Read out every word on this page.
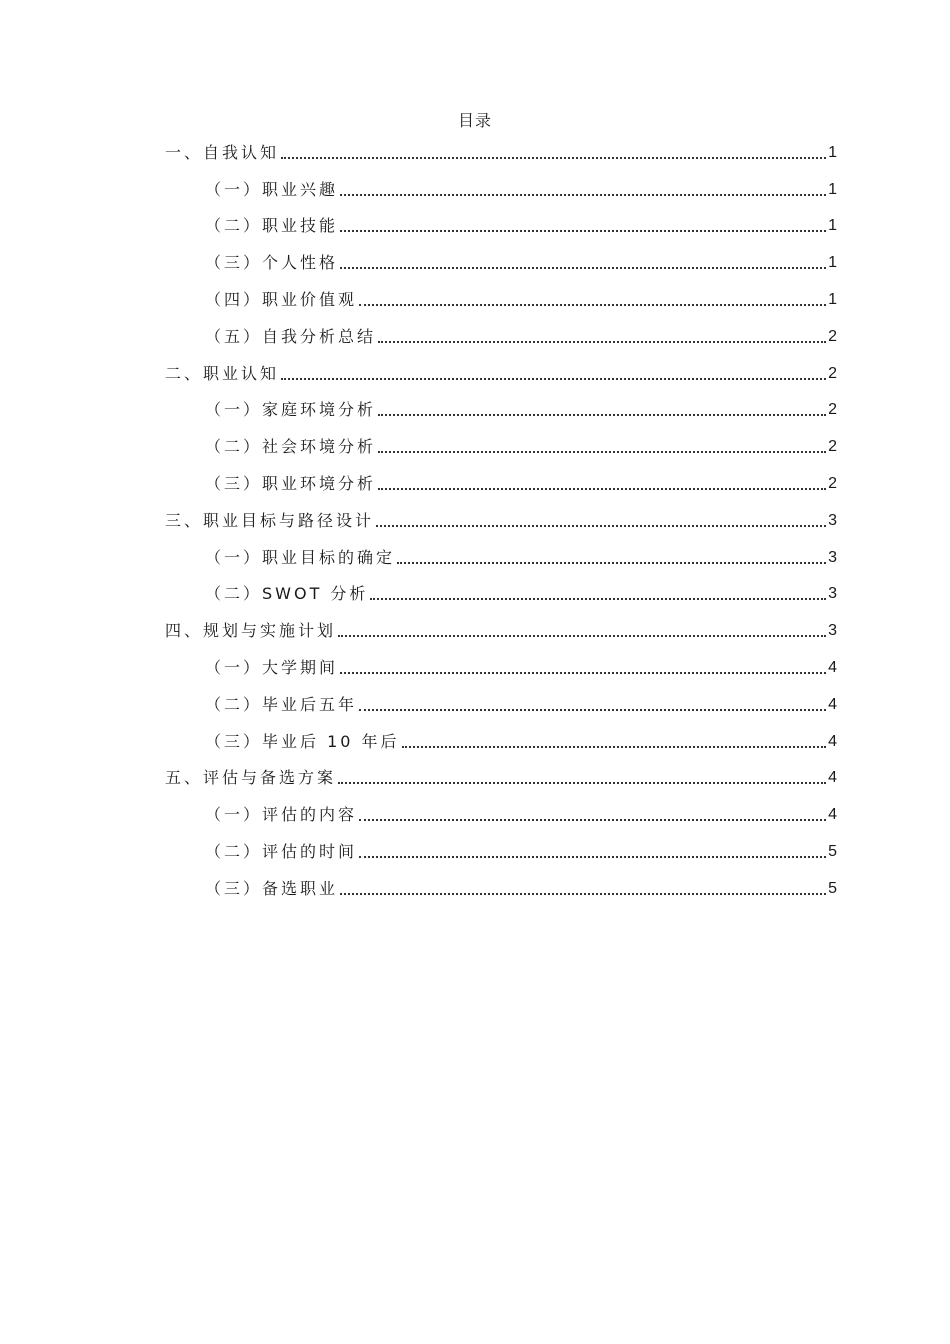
目录
一、自我认知	1
（一）职业兴趣	1
（二）职业技能	1
（三）个人性格	1
（四）职业价值观	1
（五）自我分析总结	2
二、职业认知	2
（一）家庭环境分析	2
（二）社会环境分析	2
（三）职业环境分析	2
三、职业目标与路径设计	3
（一）职业目标的确定	3
（二）SWOT 分析	3
四、规划与实施计划	3
（一）大学期间	4
（二）毕业后五年	4
（三）毕业后 10 年后	4
五、评估与备选方案	4
（一）评估的内容	4
（二）评估的时间	5
（三）备选职业	5
